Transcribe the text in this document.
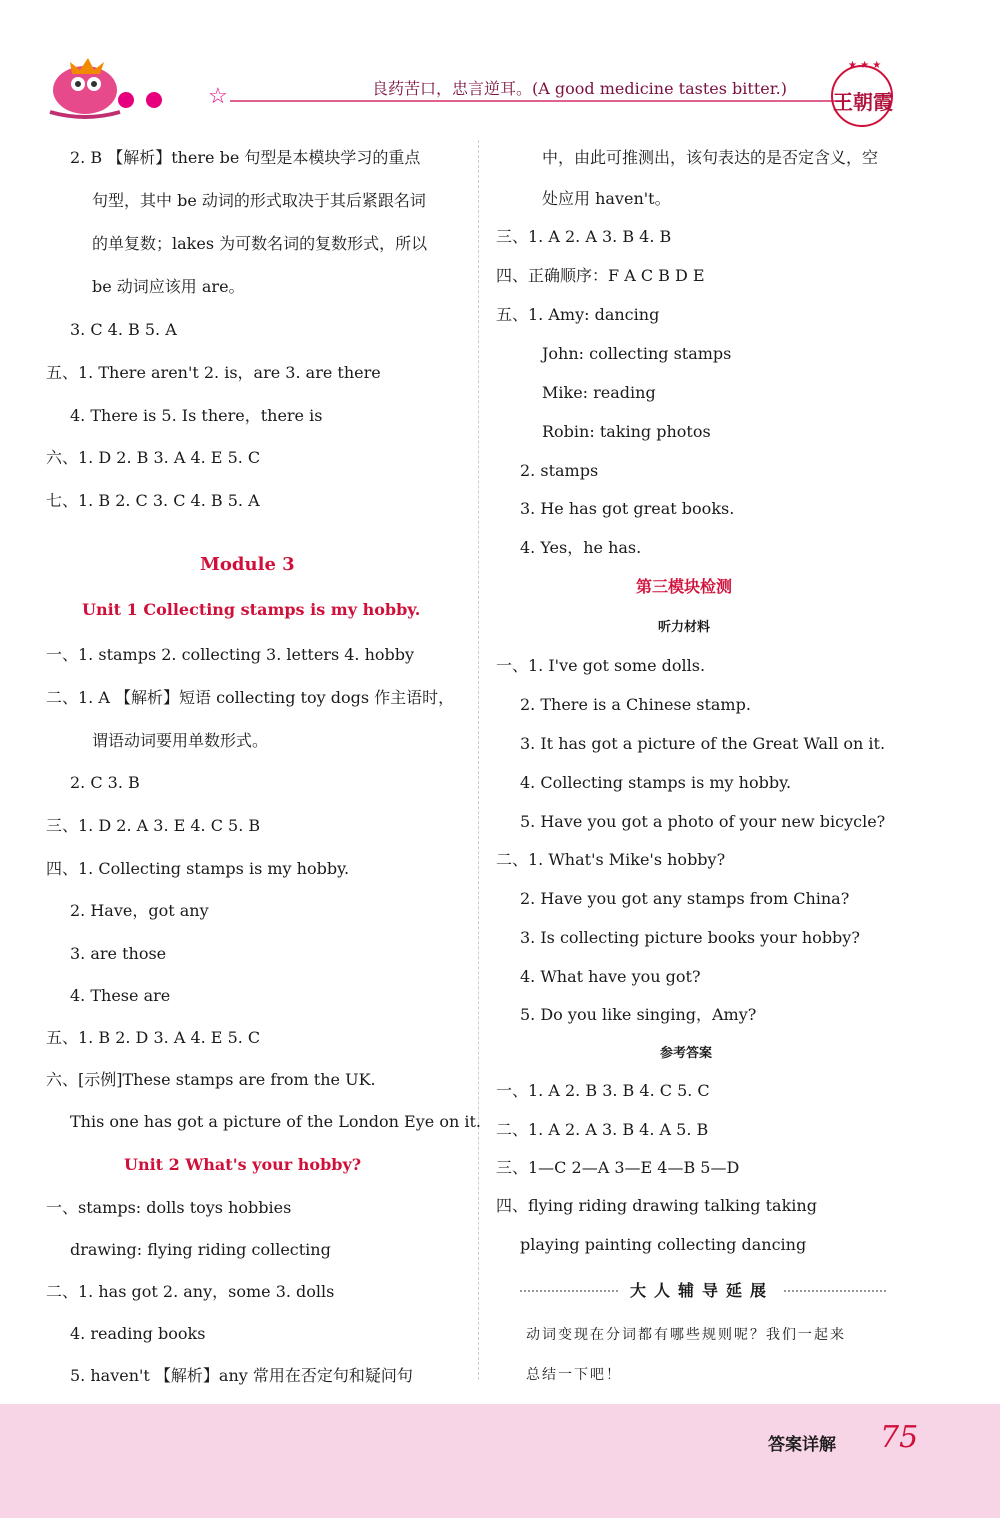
☆	良药苦口，忠言逆耳。(A good medicine tastes bitter.)
★ ★ ★
王朝霞
2. B 【解析】there be 句型是本模块学习的重点
句型，其中 be 动词的形式取决于其后紧跟名词
的单复数；lakes 为可数名词的复数形式，所以
be 动词应该用 are。
3. C 4. B 5. A
五、1. There aren't 2. is，are 3. are there
4. There is 5. Is there，there is
六、1. D 2. B 3. A 4. E 5. C
七、1. B 2. C 3. C 4. B 5. A
Module 3
Unit 1 Collecting stamps is my hobby.
一、1. stamps 2. collecting 3. letters 4. hobby
二、1. A 【解析】短语 collecting toy dogs 作主语时，
谓语动词要用单数形式。
2. C 3. B
三、1. D 2. A 3. E 4. C 5. B
四、1. Collecting stamps is my hobby.
2. Have，got any
3. are those
4. These are
五、1. B 2. D 3. A 4. E 5. C
六、[示例]These stamps are from the UK.
This one has got a picture of the London Eye on it.
Unit 2 What's your hobby?
一、stamps: dolls toys hobbies
drawing: flying riding collecting
二、1. has got 2. any，some 3. dolls
4. reading books
5. haven't 【解析】any 常用在否定句和疑问句
中，由此可推测出，该句表达的是否定含义，空
处应用 haven't。
三、1. A 2. A 3. B 4. B
四、正确顺序：F A C B D E
五、1. Amy: dancing
John: collecting stamps
Mike: reading
Robin: taking photos
2. stamps
3. He has got great books.
4. Yes，he has.
第三模块检测
听力材料
一、1. I've got some dolls.
2. There is a Chinese stamp.
3. It has got a picture of the Great Wall on it.
4. Collecting stamps is my hobby.
5. Have you got a photo of your new bicycle?
二、1. What's Mike's hobby?
2. Have you got any stamps from China?
3. Is collecting picture books your hobby?
4. What have you got?
5. Do you like singing，Amy?
参考答案
一、1. A 2. B 3. B 4. C 5. C
二、1. A 2. A 3. B 4. A 5. B
三、1—C 2—A 3—E 4—B 5—D
四、flying riding drawing talking taking
playing painting collecting dancing
大人辅导延展
动词变现在分词都有哪些规则呢？我们一起来
总结一下吧！
答案详解 75
